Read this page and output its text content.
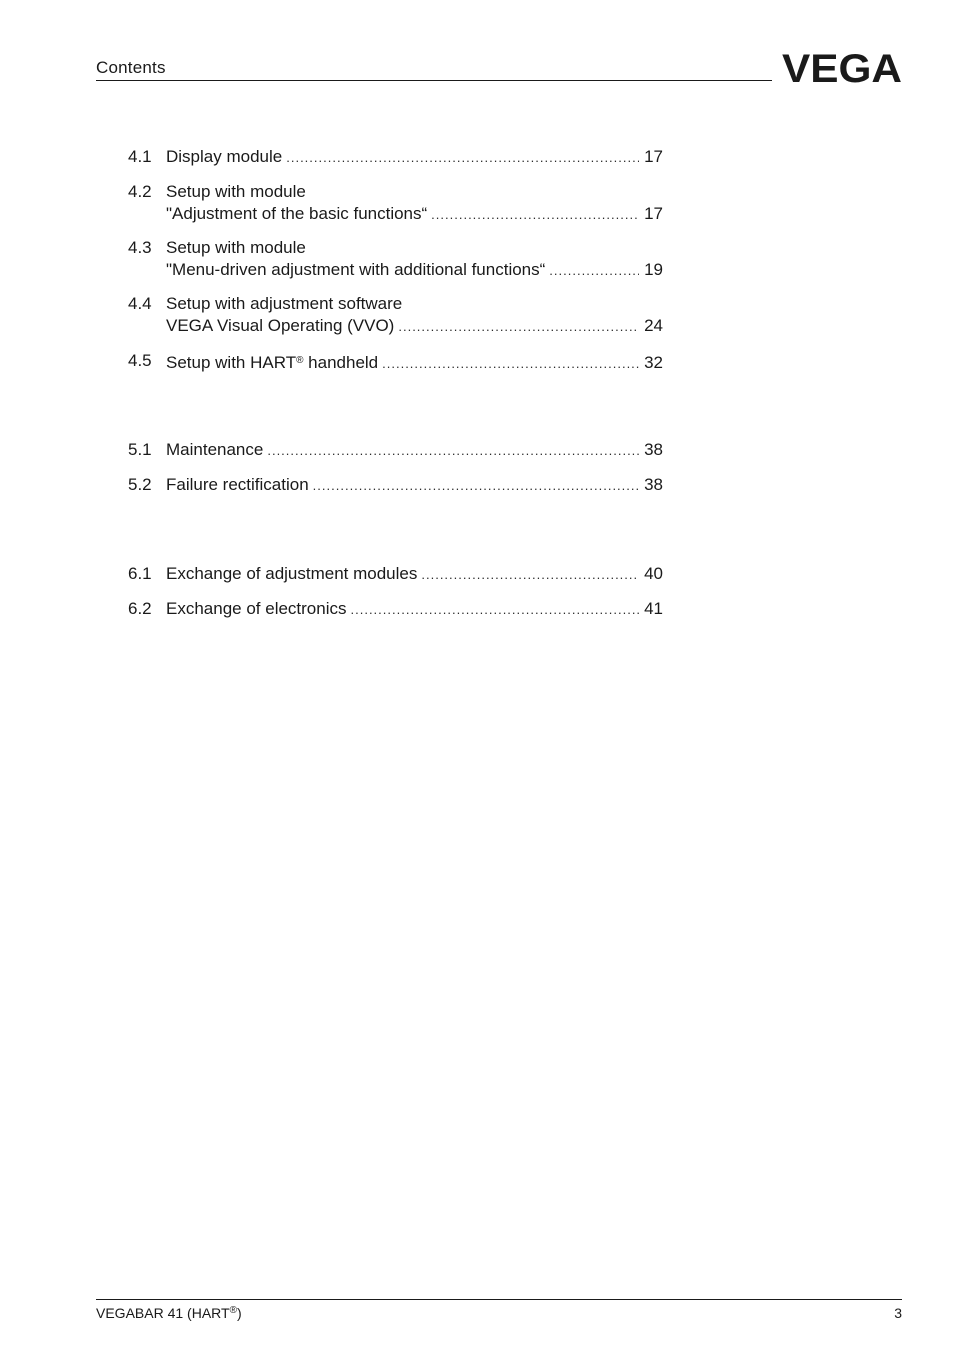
Contents	VEGA
4.1 Display module .....	17
4.2 Setup with module
"Adjustment of the basic functions“ .....	17
4.3 Setup with module
"Menu-driven adjustment with additional functions“ .....	19
4.4 Setup with adjustment software
VEGA Visual Operating (VVO) .....	24
4.5 Setup with HART® handheld .....	32
5.1 Maintenance .....	38
5.2 Failure rectification .....	38
6.1 Exchange of adjustment modules .....	40
6.2 Exchange of electronics .....	41
VEGABAR 41 (HART®)	3
